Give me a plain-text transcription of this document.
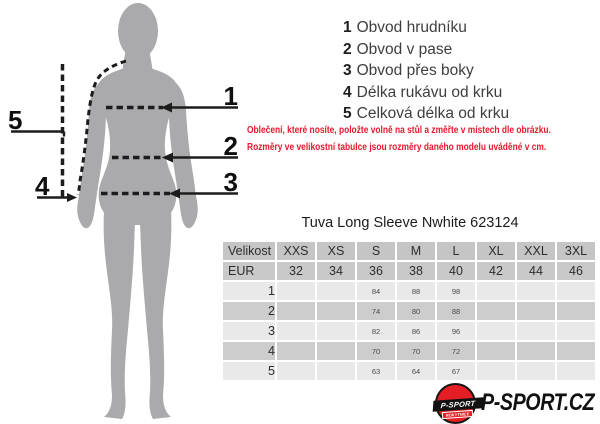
1
2
3
4
5
1 Obvod hrudníku
2 Obvod v pase
3 Obvod přes boky
4 Délka rukávu od krku
5 Celková délka od krku
Oblečení, které nosíte, položte volně na stůl a změřte v místech dle obrázku.
Rozměry ve velikostní tabulce jsou rozměry daného modelu uváděné v cm.
Tuva Long Sleeve Nwhite 623124
Velikost	XXS	XS	S	M	L	XL	XXL	3XL
EUR	32	34	36	38	40	42	44	46
1			84	88	98			
2			74	80	88			
3			82	86	96			
4			70	70	72			
5			63	64	67			
P-SPORT
ROKYTNICE P-SPORT.CZ
